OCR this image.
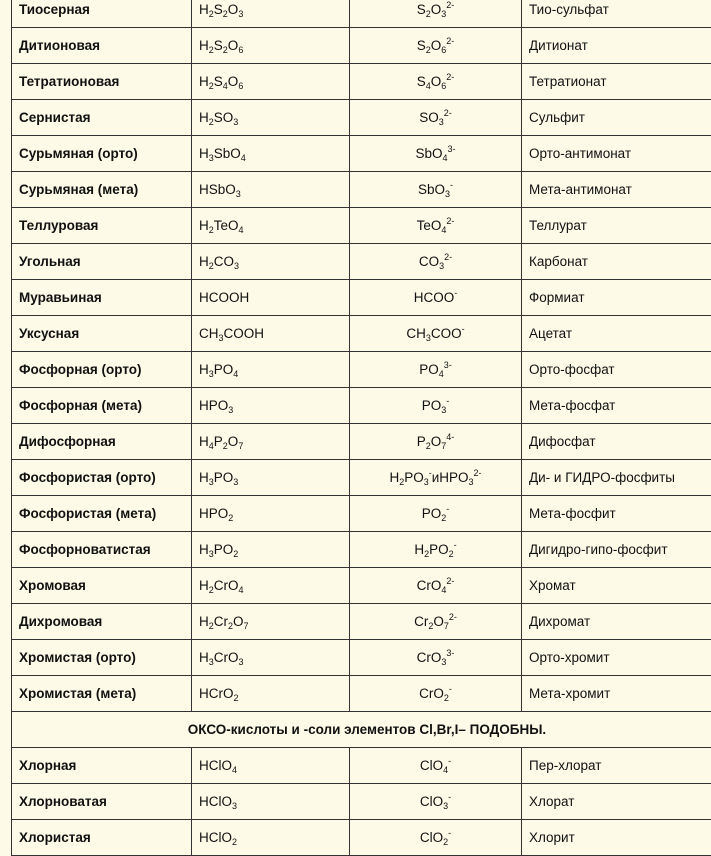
Тиосерная	$H_2S_2O_3$	$S_2O_3^{2-}$	Тио-сульфат
Дитионовая	$H_2S_2O_6$	$S_2O_6^{2-}$	Дитионат
Тетратионовая	$H_2S_4O_6$	$S_4O_6^{2-}$	Тетратионат
Сернистая	$H_2SO_3$	$SO_3^{2-}$	Сульфит
Сурьмяная (орто)	$H_3SbO_4$	SbO$_4^{3-}$	Орто-антимонат
Сурьмяная (мета)	HSbO$_3$	SbO$_3$-	Мета-антимонат
Теллуровая	$H_2TeO_4$	TeO$_4^{2-}$	Теллурат
Угольная	$H_2CO_3$	$CO_3^{2-}$	Карбонат
Муравьиная	HCOOH	HCOO-	Формиат
Уксусная	$CH_3COOH$	$CH_3COO^-$	Ацетат
Фосфорная (орто)	$H_3PO_4$	$PO_4^{3-}$	Орто-фосфат
Фосфорная (мета)	$HPO_3$	$PO_3^-$	Мета-фосфат
Дифосфорная	$H_4P_2O_7$	$P_2O_7^{4-}$	Дифосфат
Фосфористая (орто)	$H_3PO_3$	$H_2PO_3^-иHPO_3^{2-}$	Ди- и ГИДРО-фосфиты
Фосфористая (мета)	$HPO_2$	$PO_2^-$	Мета-фосфит
Фосфорноватистая	$H_3PO_2$	$H_2PO_2^-$	Дигидро-гипо-фосфит
Хромовая	$H_2CrO_4$	CrO$_4^{2-}$	Хромат
Дихромовая	$H_2Cr_2O_7$	$Cr_2O_7^{2-}$	Дихромат
Хромистая (орто)	$H_3CrO_3$	CrO$_3^{3-}$	Орто-хромит
Хромистая (мета)	HCrO$_2$	CrO$_2$-	Мета-хромит
ОКСО-кислоты и -соли элементов Cl,Br,I– ПОДОБНЫ.			
Хлорная	HClO$_4$	ClO$_4$-	Пер-хлорат
Хлорноватая	HClO$_3$	ClO$_3$-	Хлорат
Хлористая	HClO$_2$	ClO$_2$-	Хлорит
